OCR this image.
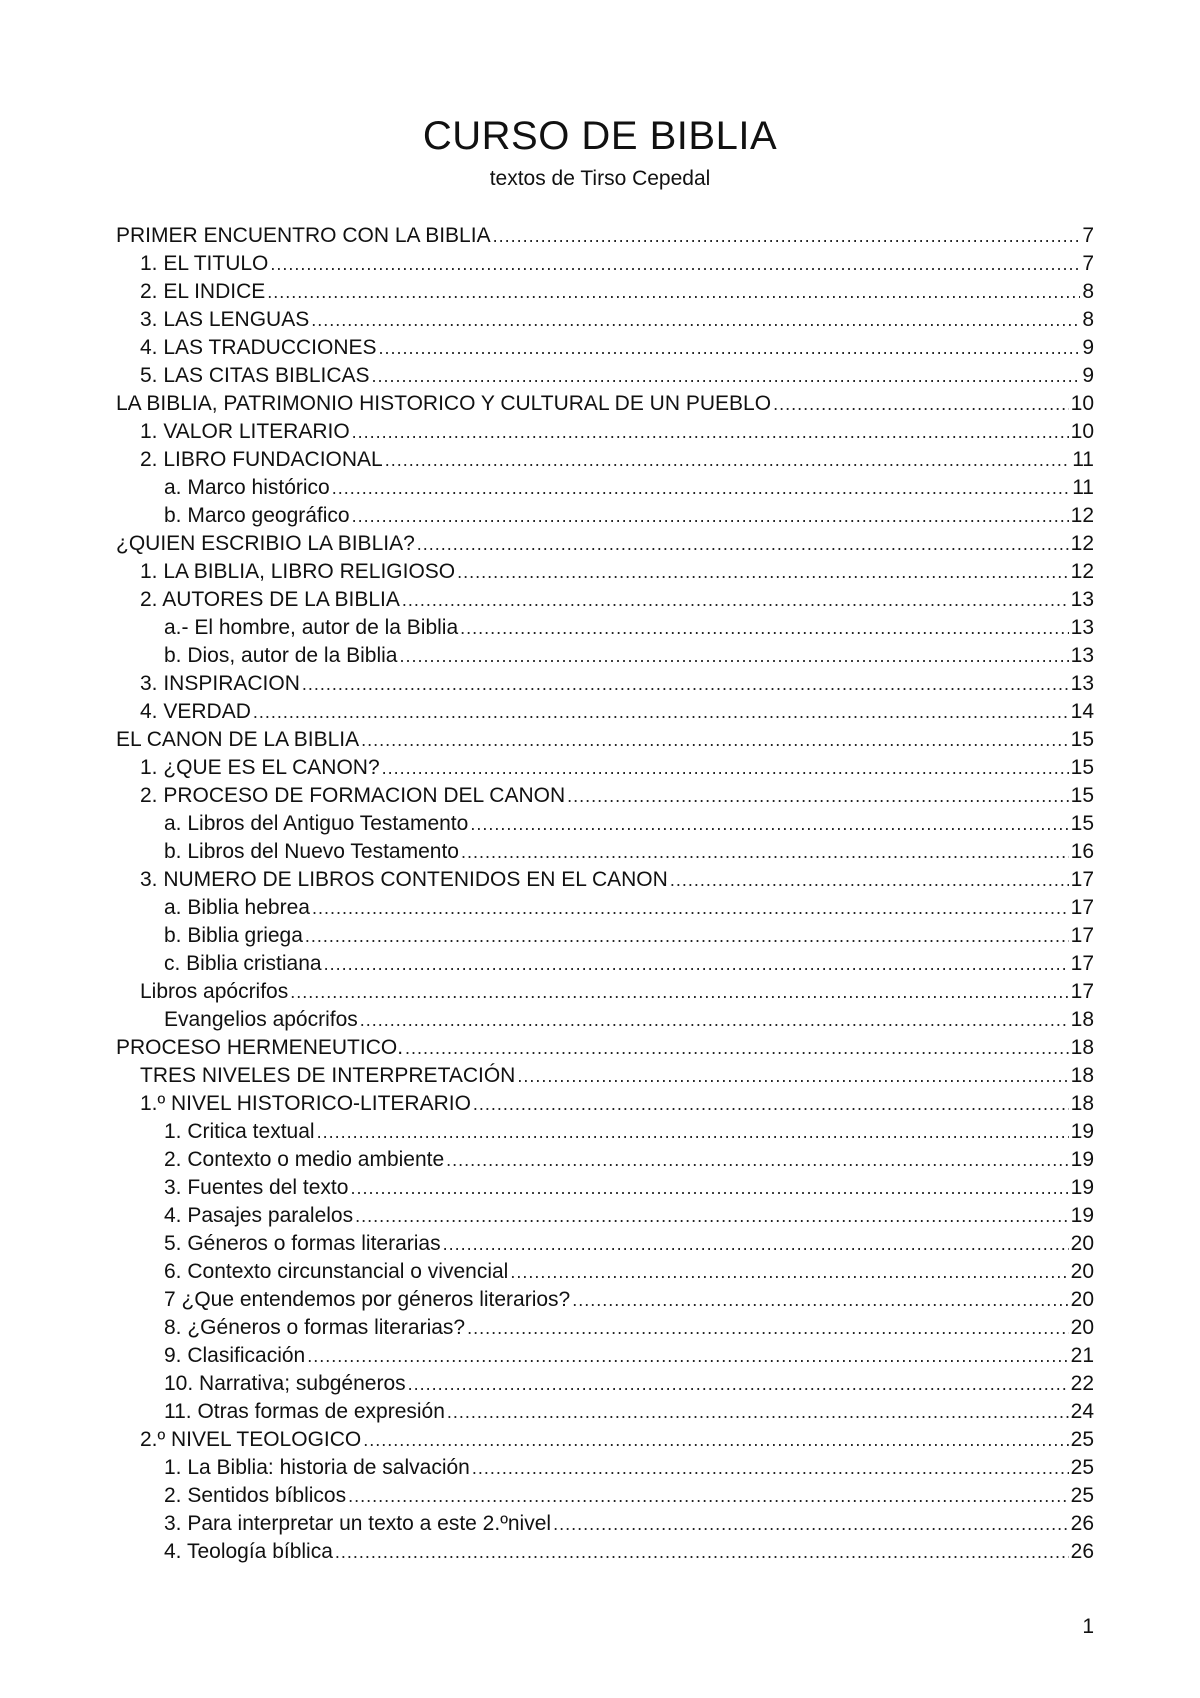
CURSO DE BIBLIA
textos de Tirso Cepedal
PRIMER ENCUENTRO CON LA BIBLIA .....	7
1. EL TITULO .....	7
2. EL INDICE .....	8
3. LAS LENGUAS .....	8
4. LAS TRADUCCIONES .....	9
5. LAS CITAS BIBLICAS .....	9
LA BIBLIA, PATRIMONIO HISTORICO Y CULTURAL DE UN PUEBLO .....	10
1. VALOR LITERARIO .....	10
2. LIBRO FUNDACIONAL .....	11
a. Marco histórico .....	11
b. Marco geográfico .....	12
¿QUIEN ESCRIBIO LA BIBLIA? .....	12
1. LA BIBLIA, LIBRO RELIGIOSO .....	12
2. AUTORES DE LA BIBLIA .....	13
a.- El hombre, autor de la Biblia .....	13
b. Dios, autor de la Biblia .....	13
3. INSPIRACION .....	13
4. VERDAD .....	14
EL CANON DE LA BIBLIA .....	15
1. ¿QUE ES EL CANON? .....	15
2. PROCESO DE FORMACION DEL CANON .....	15
a. Libros del Antiguo Testamento .....	15
b. Libros del Nuevo Testamento .....	16
3. NUMERO DE LIBROS CONTENIDOS EN EL CANON .....	17
a. Biblia hebrea .....	17
b. Biblia griega .....	17
c. Biblia cristiana .....	17
Libros apócrifos .....	17
Evangelios apócrifos .....	18
PROCESO HERMENEUTICO. .....	18
TRES NIVELES DE INTERPRETACIÓN .....	18
1.º NIVEL HISTORICO-LITERARIO .....	18
1. Critica textual .....	19
2. Contexto o medio ambiente .....	19
3. Fuentes del texto .....	19
4. Pasajes paralelos .....	19
5. Géneros o formas literarias .....	20
6. Contexto circunstancial o vivencial .....	20
7 ¿Que entendemos por géneros literarios? .....	20
8. ¿Géneros o formas literarias? .....	20
9. Clasificación .....	21
10. Narrativa; subgéneros .....	22
11. Otras formas de expresión .....	24
2.º NIVEL TEOLOGICO .....	25
1. La Biblia: historia de salvación .....	25
2. Sentidos bíblicos .....	25
3. Para interpretar un texto a este 2.ºnivel .....	26
4. Teología bíblica .....	26
1
